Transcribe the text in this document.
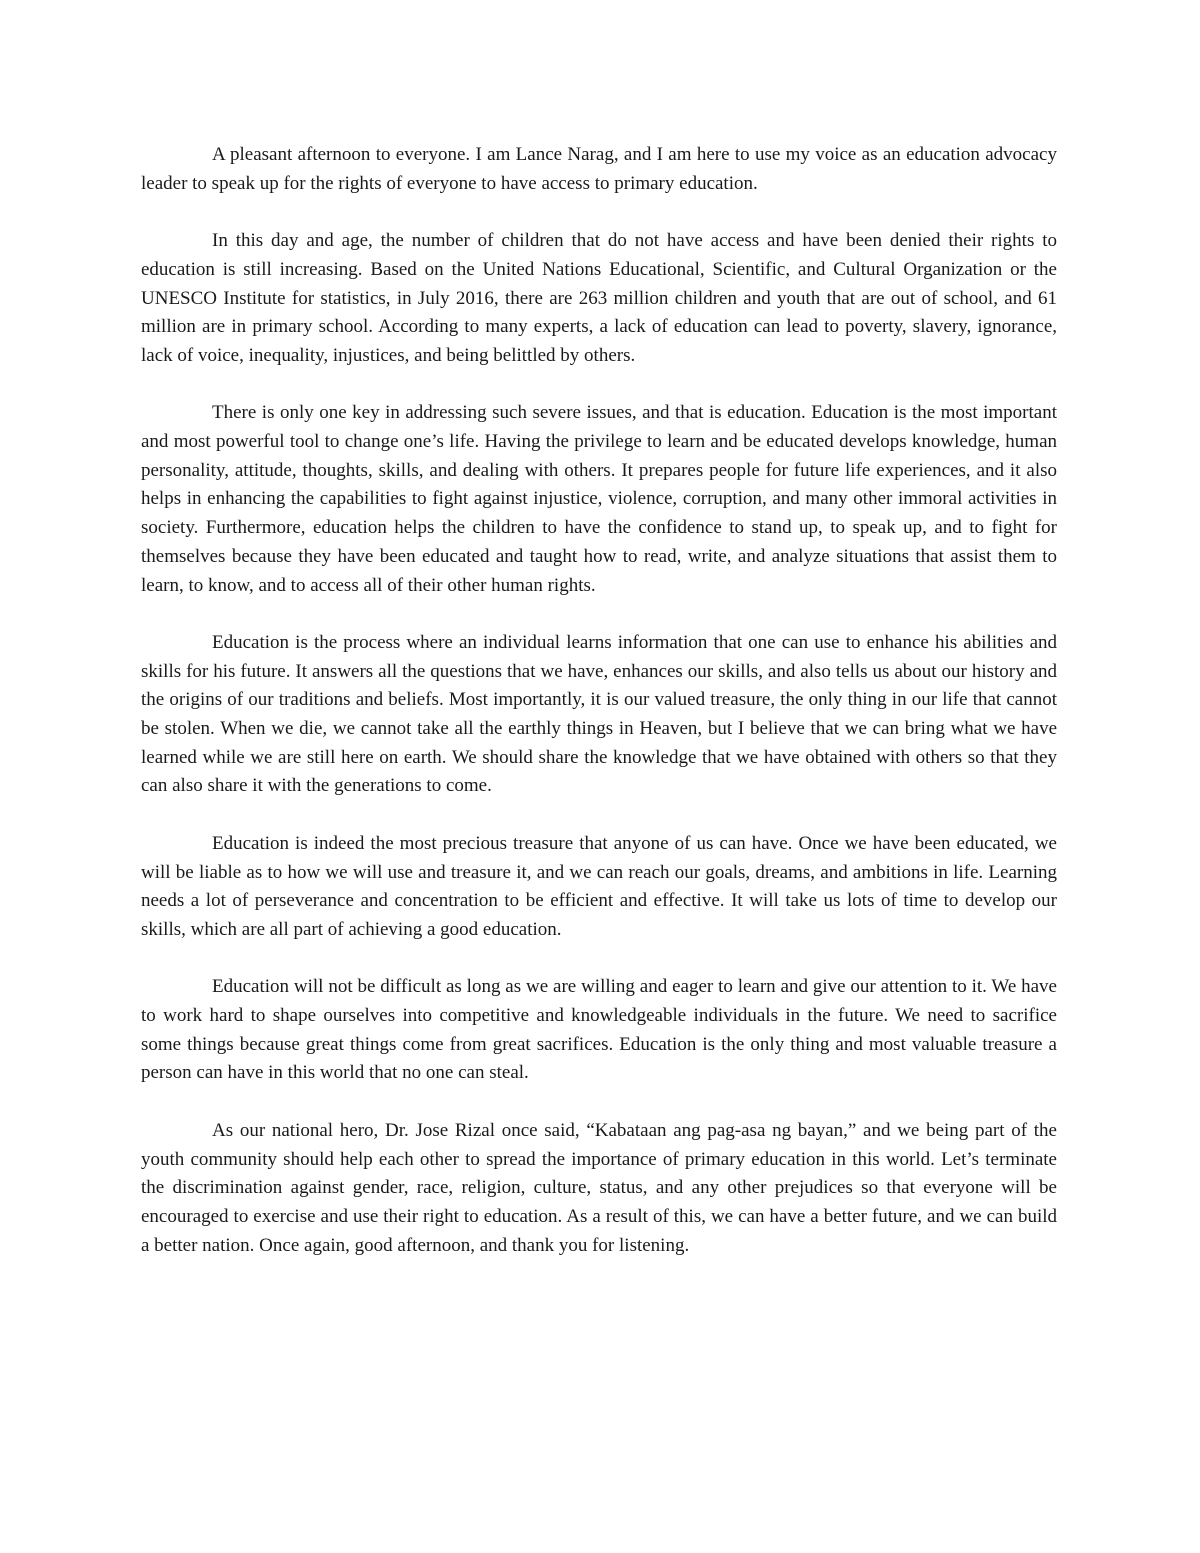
A pleasant afternoon to everyone. I am Lance Narag, and I am here to use my voice as an education advocacy leader to speak up for the rights of everyone to have access to primary education.

In this day and age, the number of children that do not have access and have been denied their rights to education is still increasing. Based on the United Nations Educational, Scientific, and Cultural Organization or the UNESCO Institute for statistics, in July 2016, there are 263 million children and youth that are out of school, and 61 million are in primary school. According to many experts, a lack of education can lead to poverty, slavery, ignorance, lack of voice, inequality, injustices, and being belittled by others.

There is only one key in addressing such severe issues, and that is education. Education is the most important and most powerful tool to change one’s life. Having the privilege to learn and be educated develops knowledge, human personality, attitude, thoughts, skills, and dealing with others. It prepares people for future life experiences, and it also helps in enhancing the capabilities to fight against injustice, violence, corruption, and many other immoral activities in society. Furthermore, education helps the children to have the confidence to stand up, to speak up, and to fight for themselves because they have been educated and taught how to read, write, and analyze situations that assist them to learn, to know, and to access all of their other human rights.

Education is the process where an individual learns information that one can use to enhance his abilities and skills for his future. It answers all the questions that we have, enhances our skills, and also tells us about our history and the origins of our traditions and beliefs. Most importantly, it is our valued treasure, the only thing in our life that cannot be stolen. When we die, we cannot take all the earthly things in Heaven, but I believe that we can bring what we have learned while we are still here on earth. We should share the knowledge that we have obtained with others so that they can also share it with the generations to come.

Education is indeed the most precious treasure that anyone of us can have. Once we have been educated, we will be liable as to how we will use and treasure it, and we can reach our goals, dreams, and ambitions in life. Learning needs a lot of perseverance and concentration to be efficient and effective. It will take us lots of time to develop our skills, which are all part of achieving a good education.

Education will not be difficult as long as we are willing and eager to learn and give our attention to it. We have to work hard to shape ourselves into competitive and knowledgeable individuals in the future. We need to sacrifice some things because great things come from great sacrifices. Education is the only thing and most valuable treasure a person can have in this world that no one can steal.

As our national hero, Dr. Jose Rizal once said, “Kabataan ang pag-asa ng bayan,” and we being part of the youth community should help each other to spread the importance of primary education in this world. Let’s terminate the discrimination against gender, race, religion, culture, status, and any other prejudices so that everyone will be encouraged to exercise and use their right to education. As a result of this, we can have a better future, and we can build a better nation. Once again, good afternoon, and thank you for listening.
